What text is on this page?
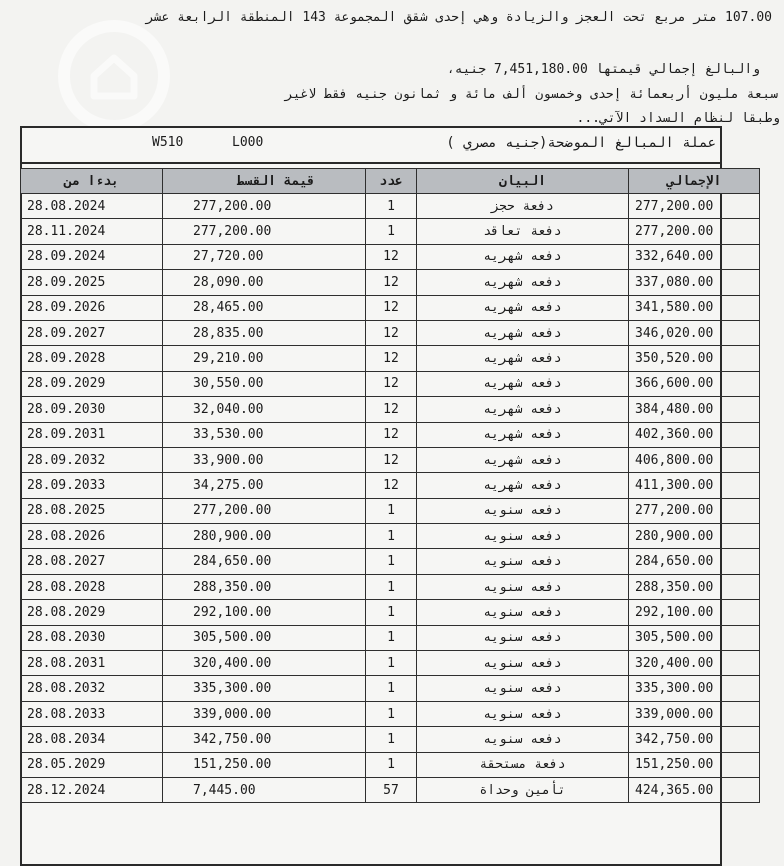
107.00 متر مربع تحت العجز والزيادة وهي إحدى شقق المجموعة 143 المنطقة الرابعة عشر
والبالغ إجمالي قيمتها 7,451,180.00 جنيه،
سبعة مليون أربعمائة إحدى وخمسون ألف مائة و ثمانون جنيه فقط لاغير
وطبقا لنظام السداد الآتي...
W510	L000	عملة المبالغ الموضحة(جنيه مصري )
بدءا من	قيمة القسط	عدد	البيان	الإجمالي
28.08.2024	277,200.00	1	دفعة حجز	277,200.00
28.11.2024	277,200.00	1	دفعة تعاقد	277,200.00
28.09.2024	27,720.00	12	دفعه شهريه	332,640.00
28.09.2025	28,090.00	12	دفعه شهريه	337,080.00
28.09.2026	28,465.00	12	دفعه شهريه	341,580.00
28.09.2027	28,835.00	12	دفعه شهريه	346,020.00
28.09.2028	29,210.00	12	دفعه شهريه	350,520.00
28.09.2029	30,550.00	12	دفعه شهريه	366,600.00
28.09.2030	32,040.00	12	دفعه شهريه	384,480.00
28.09.2031	33,530.00	12	دفعه شهريه	402,360.00
28.09.2032	33,900.00	12	دفعه شهريه	406,800.00
28.09.2033	34,275.00	12	دفعه شهريه	411,300.00
28.08.2025	277,200.00	1	دفعه سنويه	277,200.00
28.08.2026	280,900.00	1	دفعه سنويه	280,900.00
28.08.2027	284,650.00	1	دفعه سنويه	284,650.00
28.08.2028	288,350.00	1	دفعه سنويه	288,350.00
28.08.2029	292,100.00	1	دفعه سنويه	292,100.00
28.08.2030	305,500.00	1	دفعه سنويه	305,500.00
28.08.2031	320,400.00	1	دفعه سنويه	320,400.00
28.08.2032	335,300.00	1	دفعه سنويه	335,300.00
28.08.2033	339,000.00	1	دفعه سنويه	339,000.00
28.08.2034	342,750.00	1	دفعه سنويه	342,750.00
28.05.2029	151,250.00	1	دفعة مستحقة	151,250.00
28.12.2024	7,445.00	57	تأمين وحداة	424,365.00
